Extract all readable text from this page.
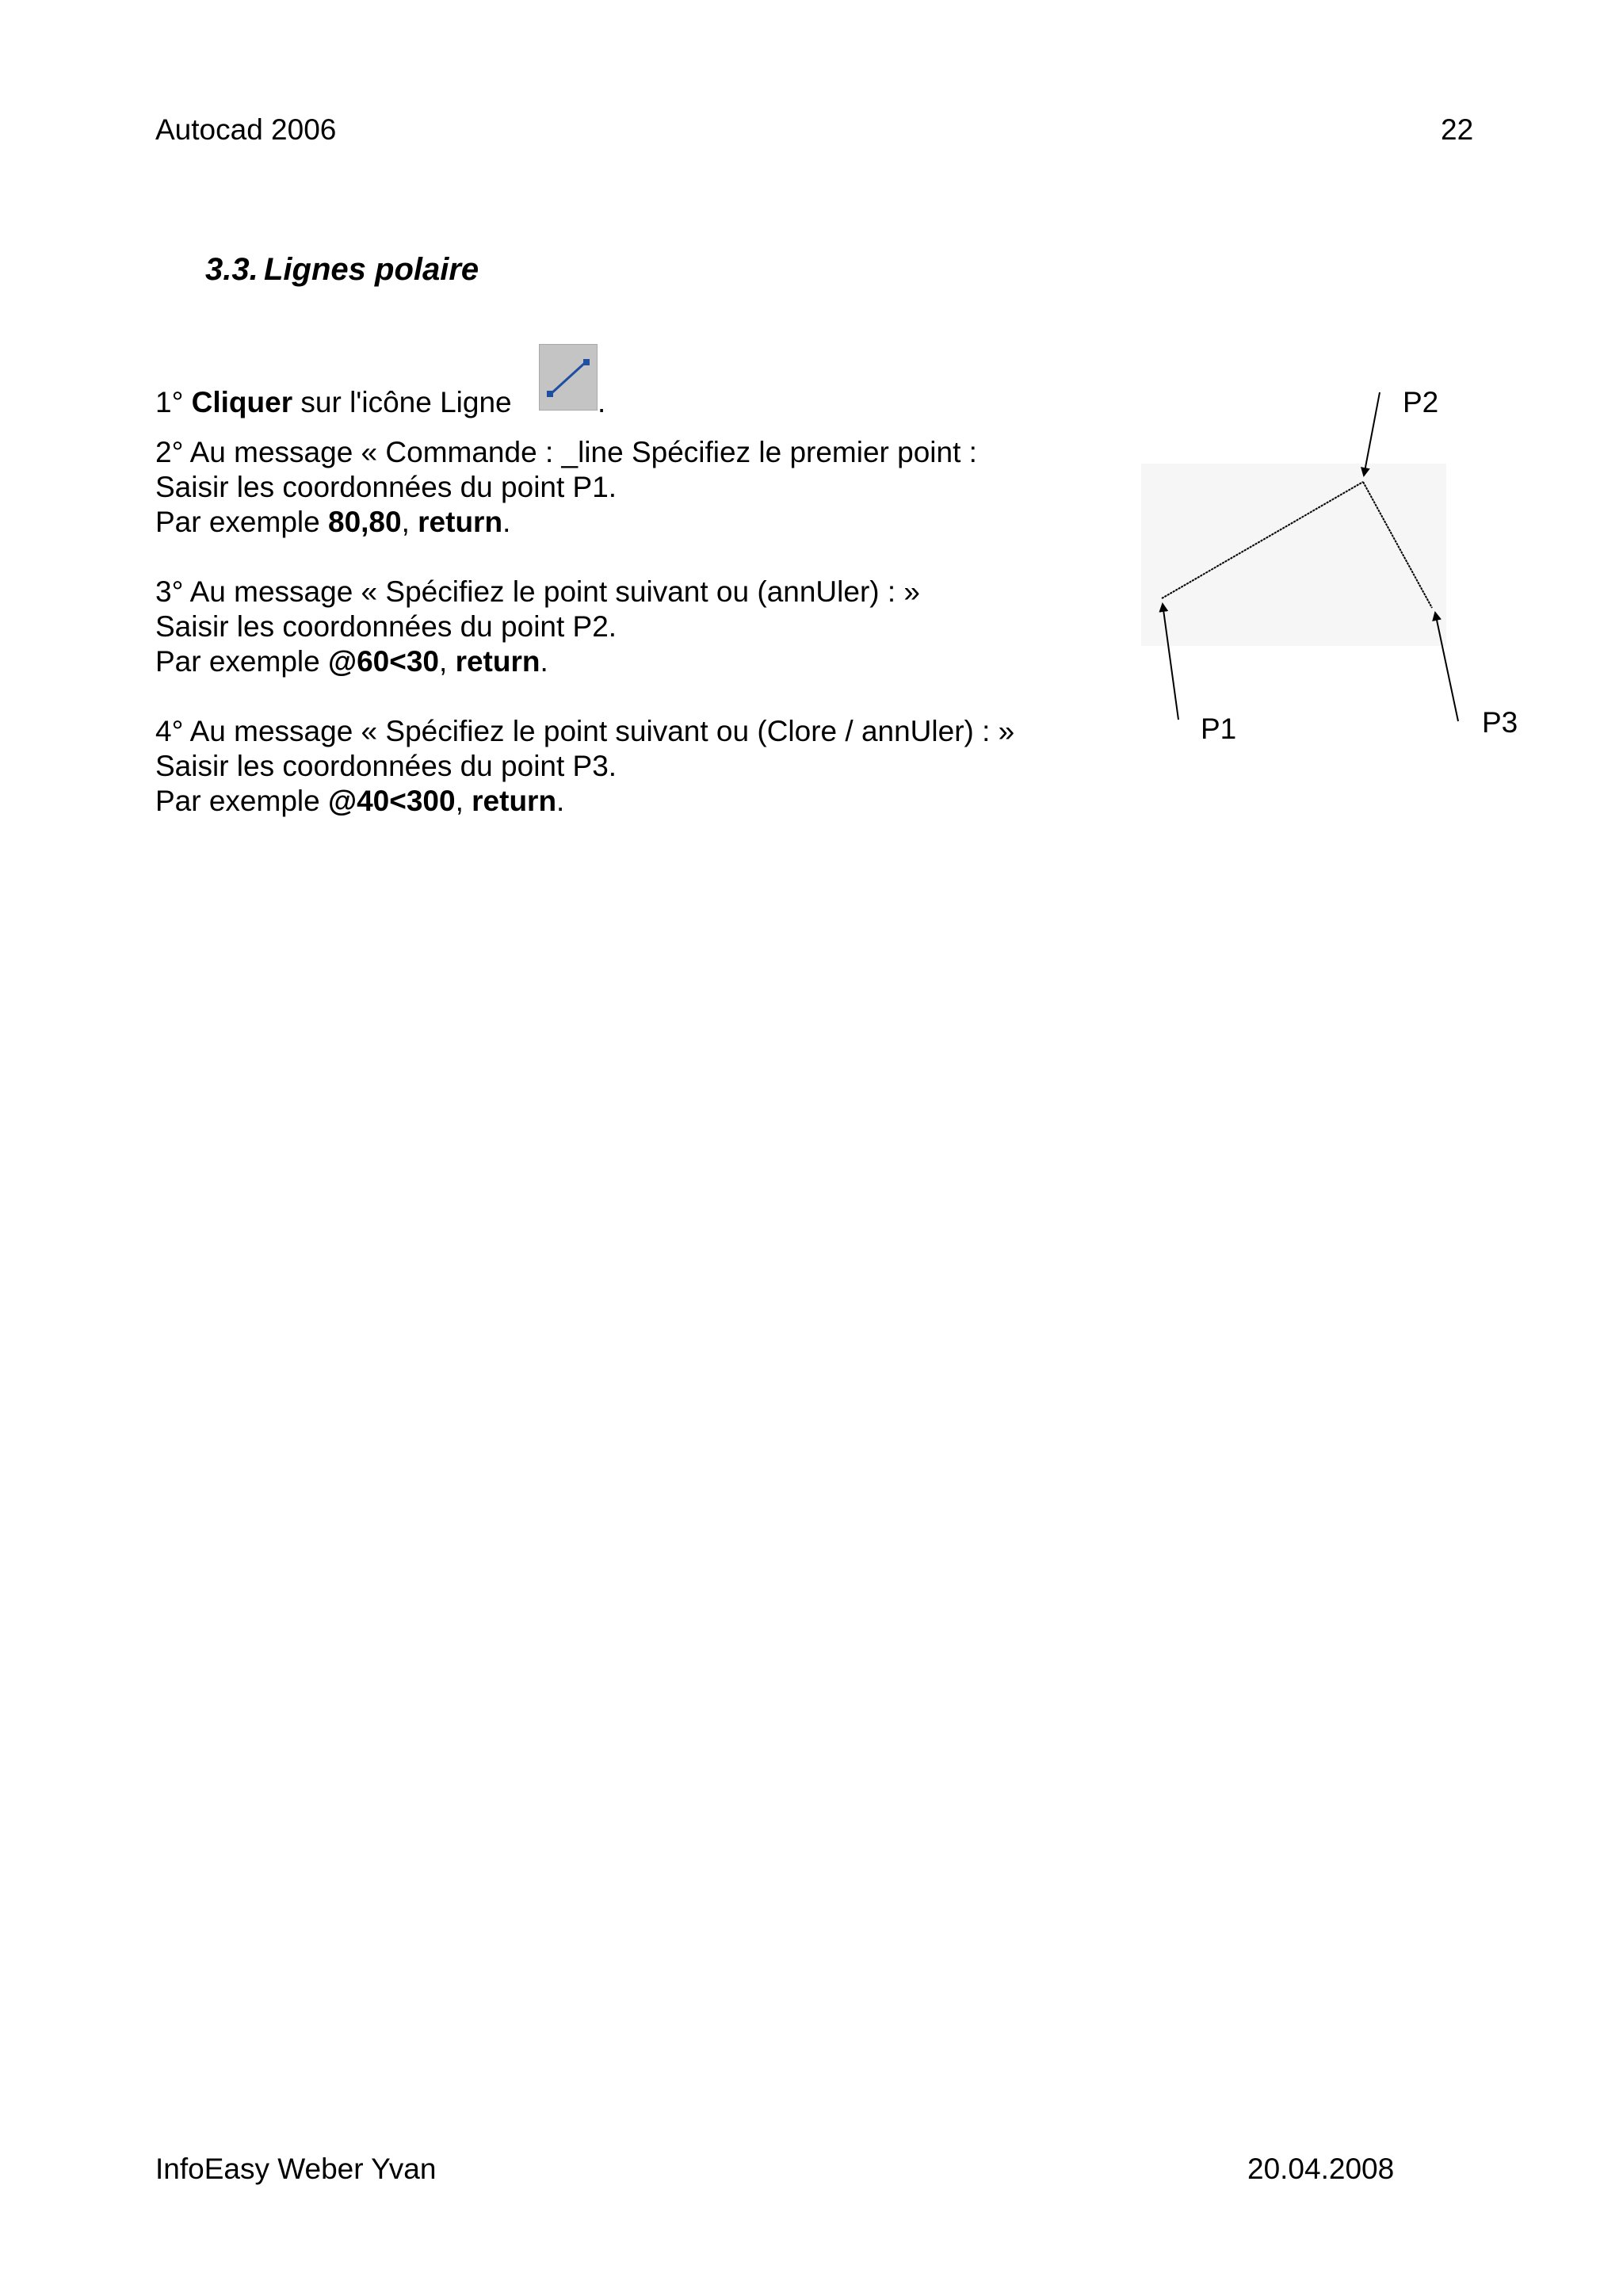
Autocad 2006	22
3.3. Lignes polaire
1° Cliquer sur l'icône Ligne	.
2° Au message « Commande : _line Spécifiez le premier point :
Saisir les coordonnées du point P1.
Par exemple 80,80, return.
3° Au message « Spécifiez le point suivant ou (annUler) : »
Saisir les coordonnées du point P2.
Par exemple @60<30, return.
4° Au message « Spécifiez le point suivant ou (Clore / annUler) : »
Saisir les coordonnées du point P3.
Par exemple @40<300, return.
P2
P1	P3
InfoEasy Weber Yvan	20.04.2008
